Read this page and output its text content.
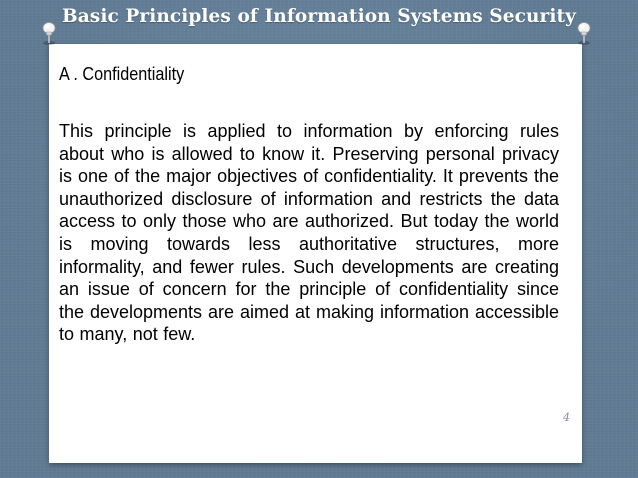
Basic Principles of Information Systems Security
A . Confidentiality

This principle is applied to information by enforcing rules about who is allowed to know it. Preserving personal privacy is one of the major objectives of confidentiality. It prevents the unauthorized disclosure of information and restricts the data access to only those who are authorized. But today the world is moving towards less authoritative structures, more informality, and fewer rules. Such developments are creating an issue of concern for the principle of confidentiality since the developments are aimed at making information accessible to many, not few.

4
